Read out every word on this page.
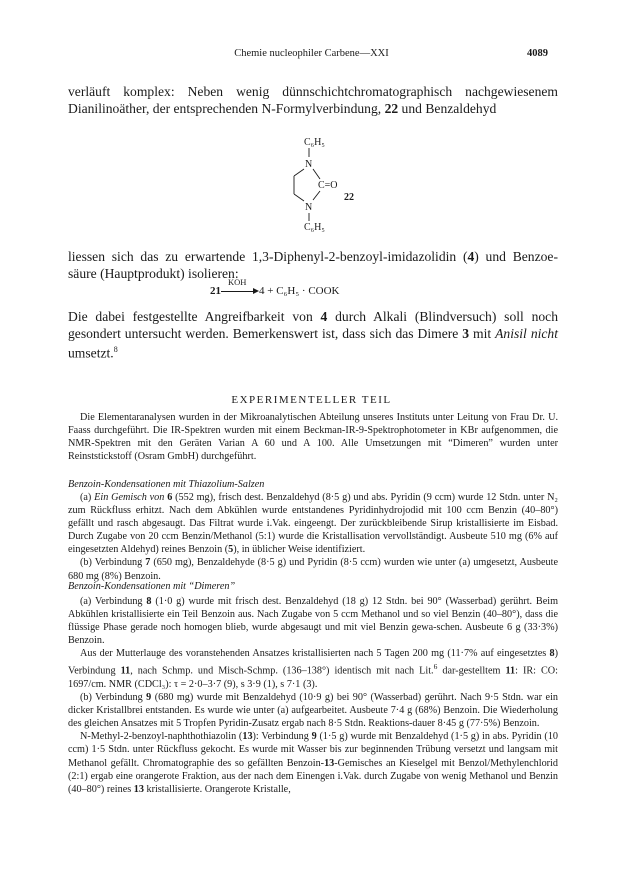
Chemie nucleophiler Carbene—XXI	4089
verläuft komplex: Neben wenig dünnschichtchromatographisch nachgewiesenem Dianilinoäther, der entsprechenden N-Formylverbindung, 22 und Benzaldehyd
C₆H₅
N
C=O
N
C₆H₅
22
liessen sich das zu erwartende 1,3-Diphenyl-2-benzoyl-imidazolidin (4) und Benzoe-säure (Hauptprodukt) isolieren:
21
KOH
4 + C₆H₅ · COOK
Die dabei festgestellte Angreifbarkeit von 4 durch Alkali (Blindversuch) soll noch gesondert untersucht werden. Bemerkenswert ist, dass sich das Dimere 3 mit Anisil nicht umsetzt.$^8$
EXPERIMENTELLER TEIL

Die Elementaranalysen wurden in der Mikroanalytischen Abteilung unseres Instituts unter Leitung von Frau Dr. U. Faass durchgeführt. Die IR-Spektren wurden mit einem Beckman-IR-9-Spektrophotometer in KBr aufgenommen, die NMR-Spektren mit den Geräten Varian A 60 und A 100. Alle Umsetzungen mit “Dimeren” wurden unter Reinststickstoff (Osram GmbH) durchgeführt.

Benzoin-Kondensationen mit Thiazolium-Salzen

(a) Ein Gemisch von 6 (552 mg), frisch dest. Benzaldehyd (8·5 g) und abs. Pyridin (9 ccm) wurde 12 Stdn. unter N₂ zum Rückfluss erhitzt. Nach dem Abkühlen wurde entstandenes Pyridinhydrojodid mit 100 ccm Benzin (40–80°) gefällt und rasch abgesaugt. Das Filtrat wurde i.Vak. eingeengt. Der zurückbleibende Sirup kristallisierte im Eisbad. Durch Zugabe von 20 ccm Benzin/Methanol (5:1) wurde die Kristallisation vervollständigt. Ausbeute 510 mg (6% auf eingesetzten Aldehyd) reines Benzoin (5), in üblicher Weise identifiziert.

(b) Verbindung 7 (650 mg), Benzaldehyde (8·5 g) und Pyridin (8·5 ccm) wurden wie unter (a) umgesetzt, Ausbeute 680 mg (8%) Benzoin.

Benzoin-Kondensationen mit “Dimeren”

(a) Verbindung 8 (1·0 g) wurde mit frisch dest. Benzaldehyd (18 g) 12 Stdn. bei 90° (Wasserbad) gerührt. Beim Abkühlen kristallisierte ein Teil Benzoin aus. Nach Zugabe von 5 ccm Methanol und so viel Benzin (40–80°), dass die flüssige Phase gerade noch homogen blieb, wurde abgesaugt und mit viel Benzin gewa-schen. Ausbeute 6 g (33·3%) Benzoin.

Aus der Mutterlauge des voranstehenden Ansatzes kristallisierten nach 5 Tagen 200 mg (11·7% auf eingesetztes 8) Verbindung 11, nach Schmp. und Misch-Schmp. (136–138°) identisch mit nach Lit.$^6$ dar-gestelltem 11: IR: CO: 1697/cm. NMR (CDCl₃): τ = 2·0–3·7 (9), s 3·9 (1), s 7·1 (3).

(b) Verbindung 9 (680 mg) wurde mit Benzaldehyd (10·9 g) bei 90° (Wasserbad) gerührt. Nach 9·5 Stdn. war ein dicker Kristallbrei entstanden. Es wurde wie unter (a) aufgearbeitet. Ausbeute 7·4 g (68%) Benzoin. Die Wiederholung des gleichen Ansatzes mit 5 Tropfen Pyridin-Zusatz ergab nach 8·5 Stdn. Reaktions-dauer 8·45 g (77·5%) Benzoin.

N-Methyl-2-benzoyl-naphthothiazolin (13): Verbindung 9 (1·5 g) wurde mit Benzaldehyd (1·5 g) in abs. Pyridin (10 ccm) 1·5 Stdn. unter Rückfluss gekocht. Es wurde mit Wasser bis zur beginnenden Trübung versetzt und langsam mit Methanol gefällt. Chromatographie des so gefällten Benzoin-13-Gemisches an Kieselgel mit Benzol/Methylenchlorid (2:1) ergab eine orangerote Fraktion, aus der nach dem Einengen i.Vak. durch Zugabe von wenig Methanol und Benzin (40–80°) reines 13 kristallisierte. Orangerote Kristalle,
